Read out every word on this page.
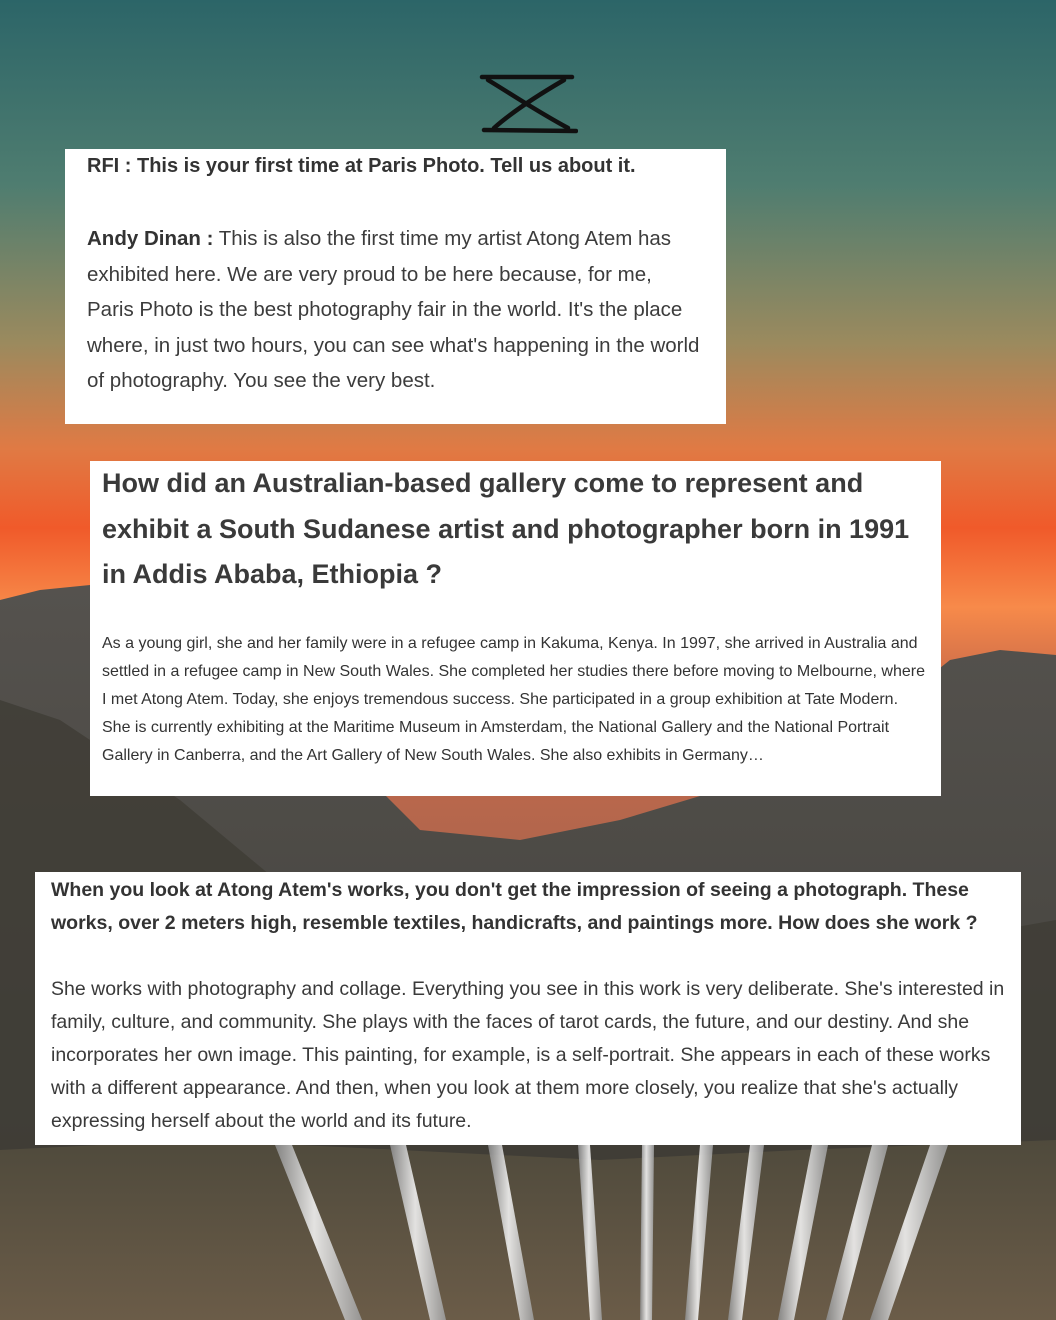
RFI : This is your first time at Paris Photo. Tell us about it.

Andy Dinan : This is also the first time my artist Atong Atem has exhibited here. We are very proud to be here because, for me, Paris Photo is the best photography fair in the world. It's the place where, in just two hours, you can see what's happening in the world of photography. You see the very best.

How did an Australian-based gallery come to represent and exhibit a South Sudanese artist and photographer born in 1991 in Addis Ababa, Ethiopia ?

As a young girl, she and her family were in a refugee camp in Kakuma, Kenya. In 1997, she arrived in Australia and settled in a refugee camp in New South Wales. She completed her studies there before moving to Melbourne, where I met Atong Atem. Today, she enjoys tremendous success. She participated in a group exhibition at Tate Modern. She is currently exhibiting at the Maritime Museum in Amsterdam, the National Gallery and the National Portrait Gallery in Canberra, and the Art Gallery of New South Wales. She also exhibits in Germany…

When you look at Atong Atem's works, you don't get the impression of seeing a photograph. These works, over 2 meters high, resemble textiles, handicrafts, and paintings more. How does she work ?

She works with photography and collage. Everything you see in this work is very deliberate. She's interested in family, culture, and community. She plays with the faces of tarot cards, the future, and our destiny. And she incorporates her own image. This painting, for example, is a self-portrait. She appears in each of these works with a different appearance. And then, when you look at them more closely, you realize that she's actually expressing herself about the world and its future.
